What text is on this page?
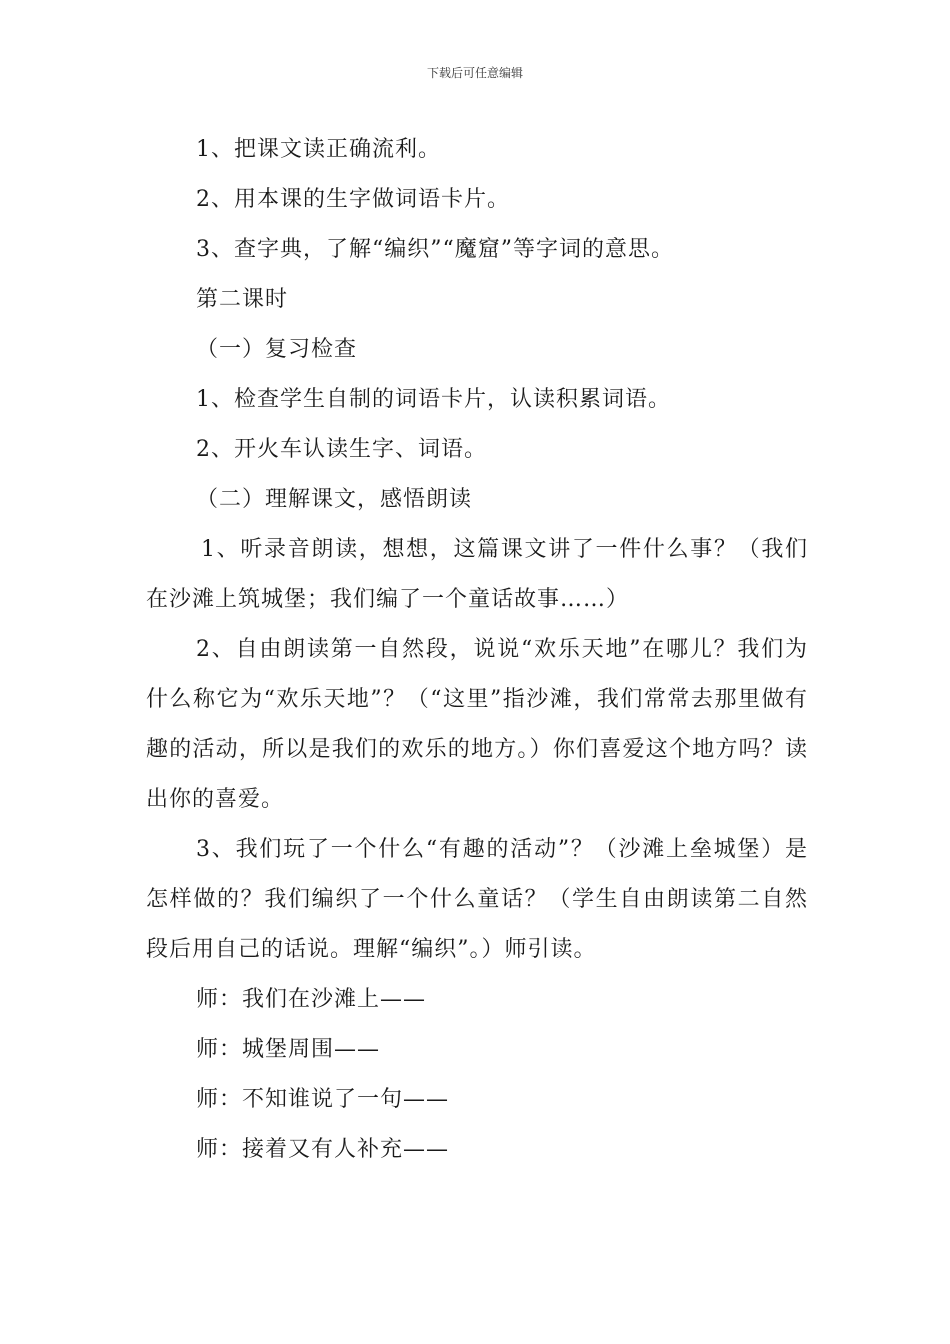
下载后可任意编辑

1、把课文读正确流利。

2、用本课的生字做词语卡片。

3、查字典，了解“编织”“魔窟”等字词的意思。

第二课时

（一）复习检查

1、检查学生自制的词语卡片，认读积累词语。

2、开火车认读生字、词语。

（二）理解课文，感悟朗读

1、听录音朗读，想想，这篇课文讲了一件什么事？（我们在沙滩上筑城堡；我们编了一个童话故事……）

2、自由朗读第一自然段，说说“欢乐天地”在哪儿？我们为什么称它为“欢乐天地”？（“这里”指沙滩，我们常常去那里做有趣的活动，所以是我们的欢乐的地方。）你们喜爱这个地方吗？读出你的喜爱。

3、我们玩了一个什么“有趣的活动”？（沙滩上垒城堡）是怎样做的？我们编织了一个什么童话？（学生自由朗读第二自然段后用自己的话说。理解“编织”。）师引读。

师：我们在沙滩上——

师：城堡周围——

师：不知谁说了一句——

师：接着又有人补充——
